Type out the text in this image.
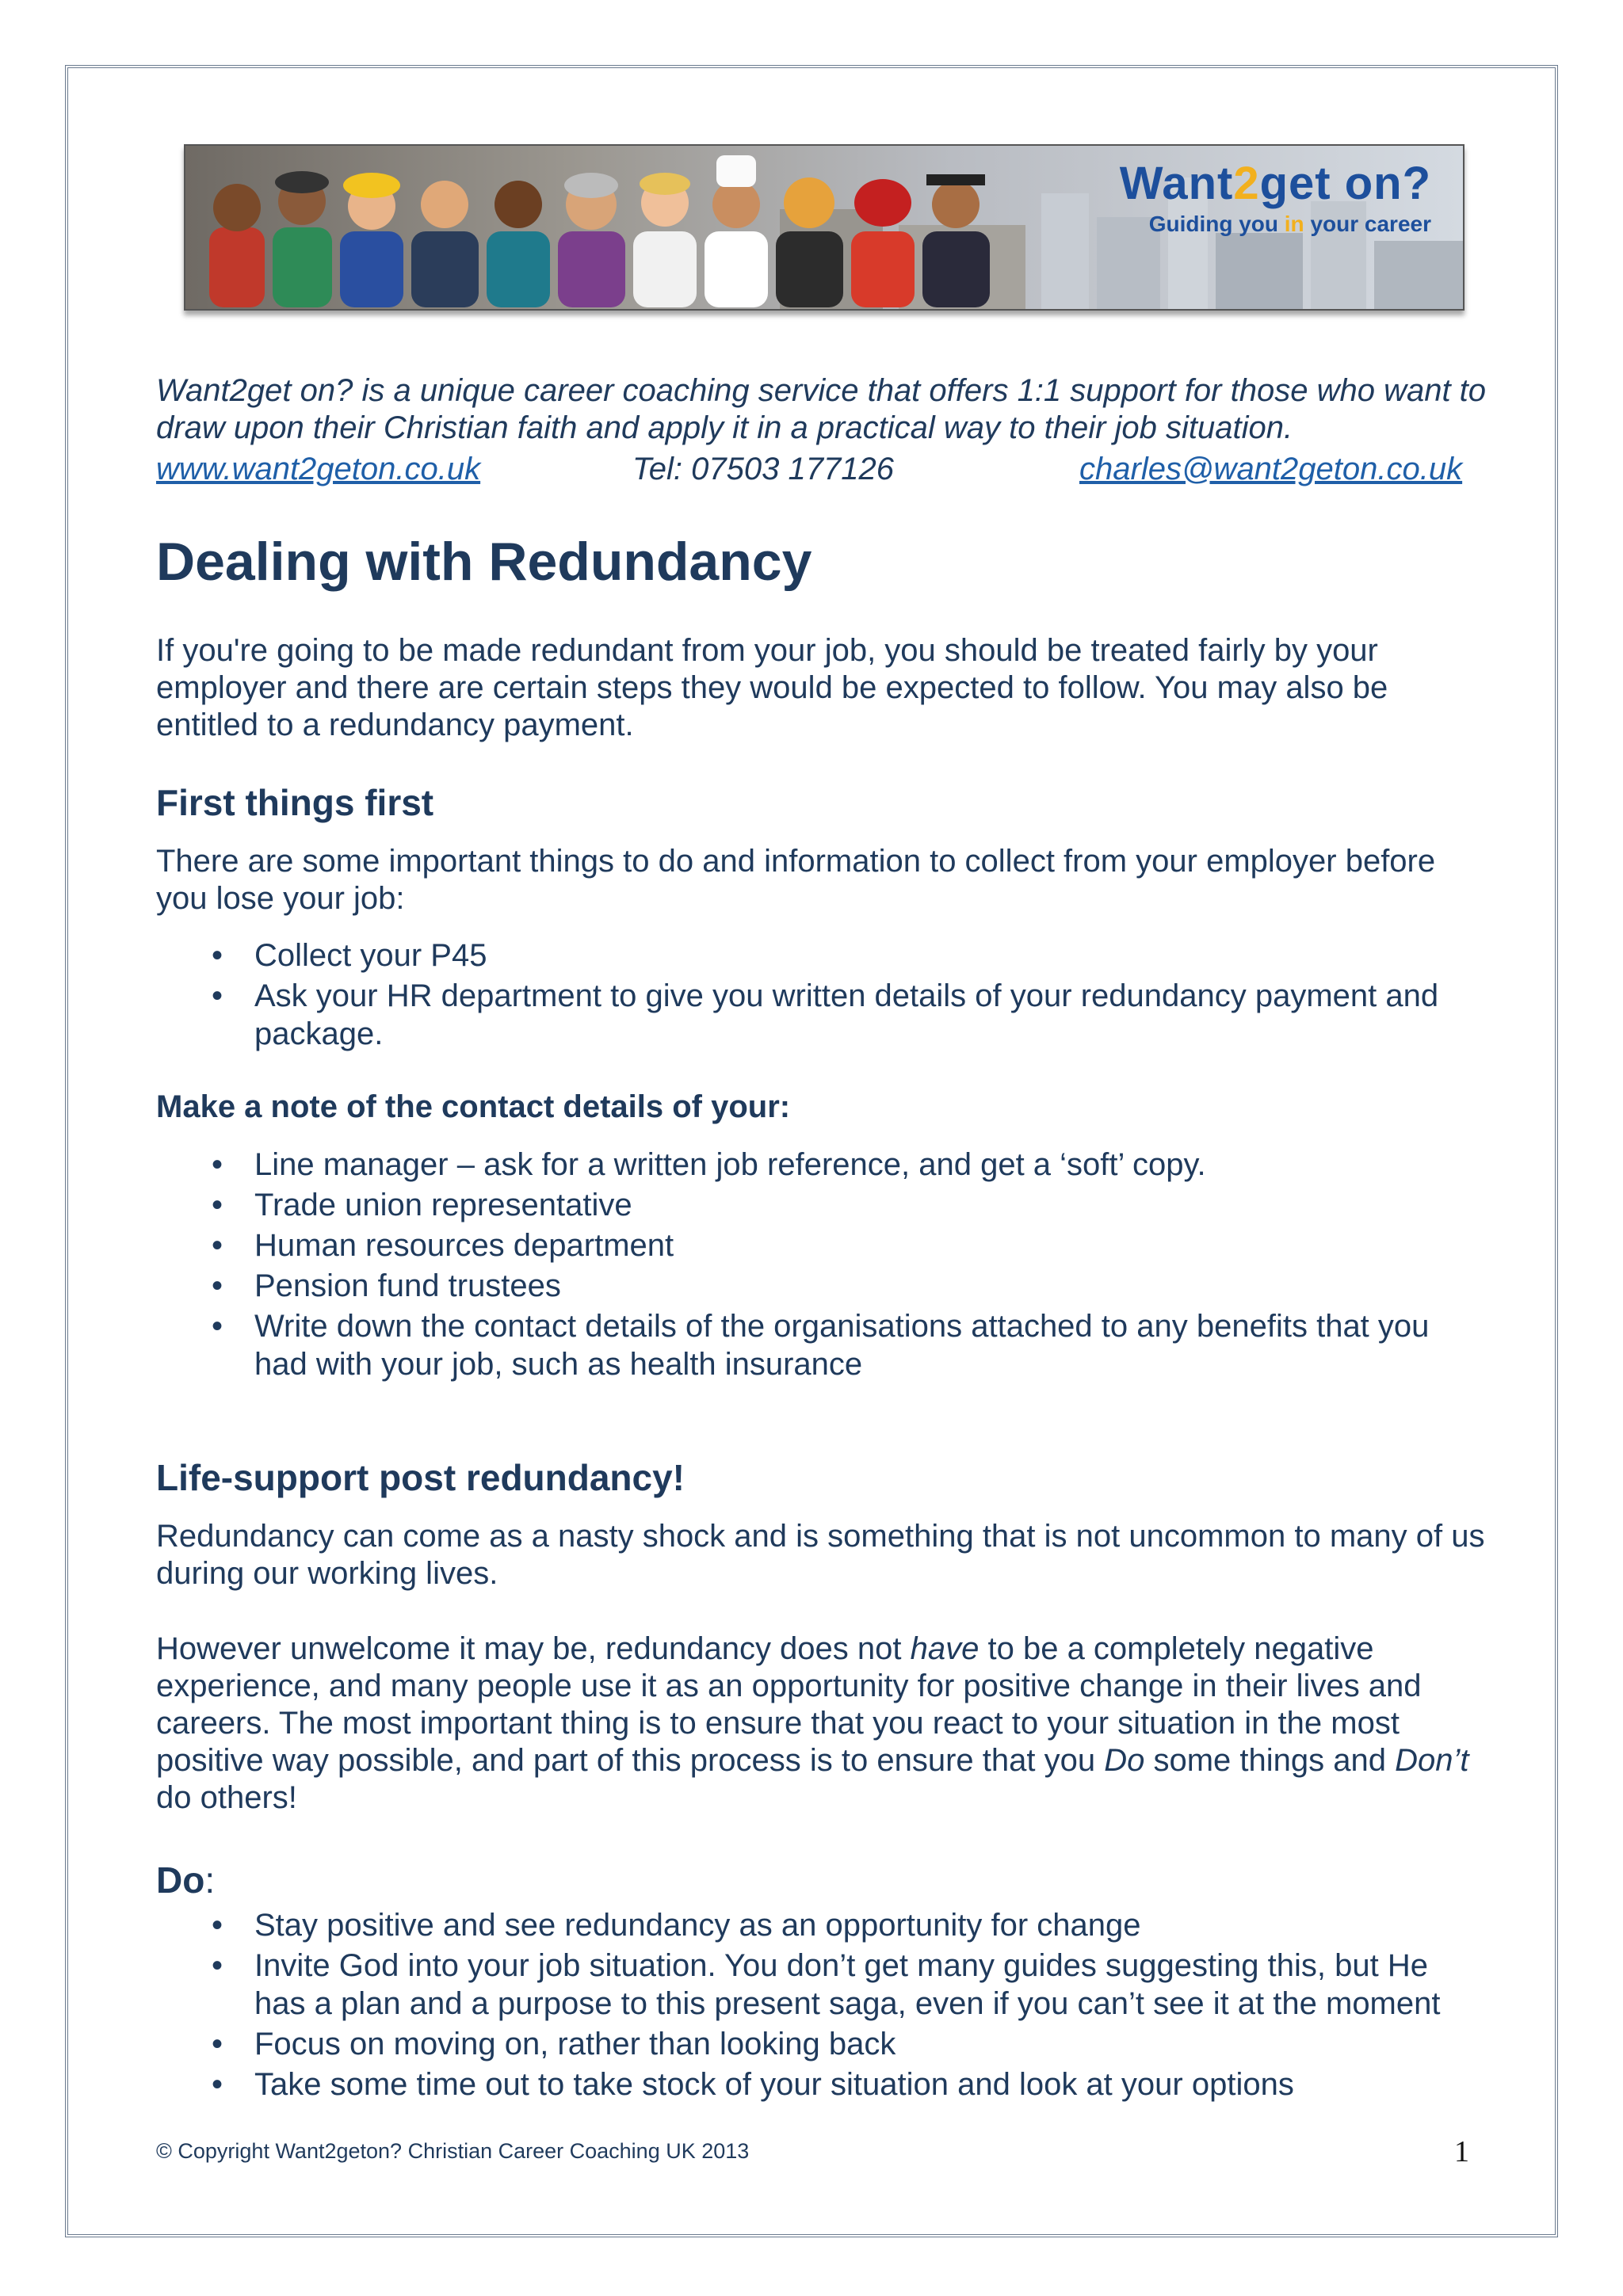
Want2get on?
Guiding you in your career
Want2get on? is a unique career coaching service that offers 1:1 support for those who want to draw upon their Christian faith and apply it in a practical way to their job situation.
www.want2geton.co.uk	Tel: 07503 177126	charles@want2geton.co.uk
Dealing with Redundancy

If you're going to be made redundant from your job, you should be treated fairly by your employer and there are certain steps they would be expected to follow. You may also be entitled to a redundancy payment.

First things first

There are some important things to do and information to collect from your employer before you lose your job:

• Collect your P45
• Ask your HR department to give you written details of your redundancy payment and package.
Make a note of the contact details of your:
• Line manager – ask for a written job reference, and get a ‘soft’ copy.
• Trade union representative
• Human resources department
• Pension fund trustees
• Write down the contact details of the organisations attached to any benefits that you had with your job, such as health insurance
Life-support post redundancy!

Redundancy can come as a nasty shock and is something that is not uncommon to many of us during our working lives.

However unwelcome it may be, redundancy does not have to be a completely negative experience, and many people use it as an opportunity for positive change in their lives and careers. The most important thing is to ensure that you react to your situation in the most positive way possible, and part of this process is to ensure that you Do some things and Don’t do others!

Do:
• Stay positive and see redundancy as an opportunity for change
• Invite God into your job situation. You don’t get many guides suggesting this, but He has a plan and a purpose to this present saga, even if you can’t see it at the moment
• Focus on moving on, rather than looking back
• Take some time out to take stock of your situation and look at your options
© Copyright Want2geton? Christian Career Coaching UK 2013	1
